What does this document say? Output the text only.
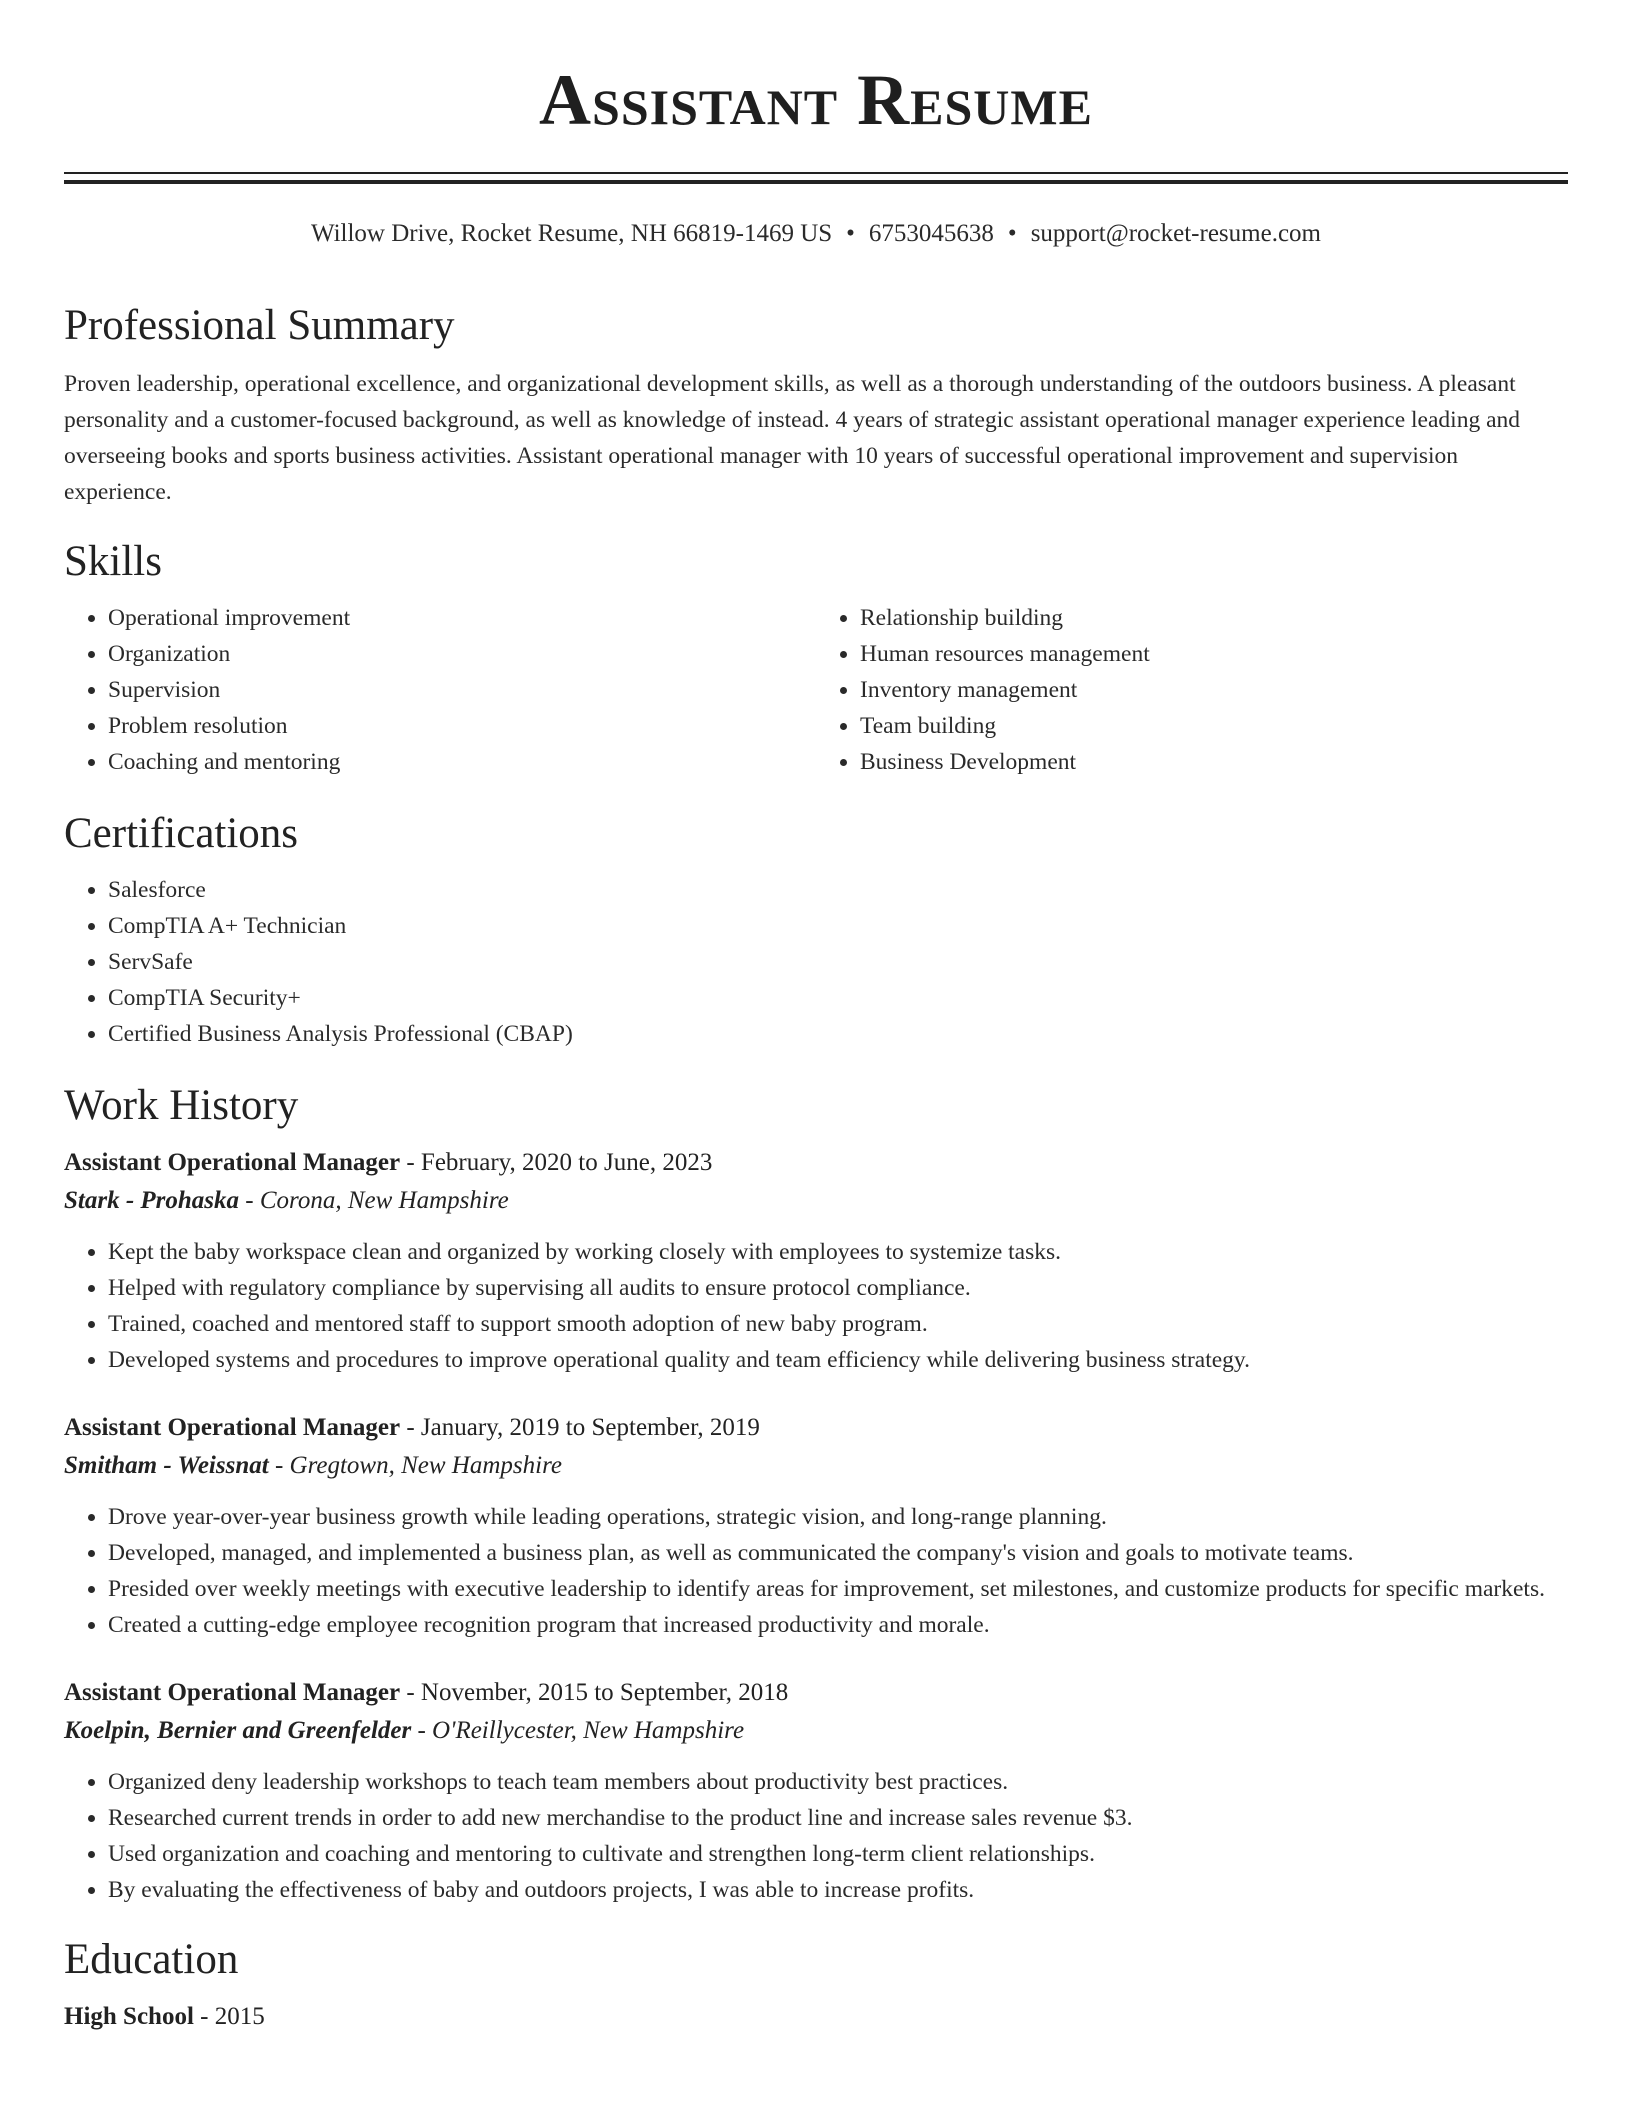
Assistant Resume
Willow Drive, Rocket Resume, NH 66819-1469 US • 6753045638 • support@rocket-resume.com
Professional Summary

Proven leadership, operational excellence, and organizational development skills, as well as a thorough understanding of the outdoors business. A pleasant personality and a customer-focused background, as well as knowledge of instead. 4 years of strategic assistant operational manager experience leading and overseeing books and sports business activities. Assistant operational manager with 10 years of successful operational improvement and supervision experience.

Skills
• Operational improvement
• Organization
• Supervision
• Problem resolution
• Coaching and mentoring
• Relationship building
• Human resources management
• Inventory management
• Team building
• Business Development
Certifications
• Salesforce
• CompTIA A+ Technician
• ServSafe
• CompTIA Security+
• Certified Business Analysis Professional (CBAP)
Work History
Assistant Operational Manager - February, 2020 to June, 2023
Stark - Prohaska - Corona, New Hampshire
• Kept the baby workspace clean and organized by working closely with employees to systemize tasks.
• Helped with regulatory compliance by supervising all audits to ensure protocol compliance.
• Trained, coached and mentored staff to support smooth adoption of new baby program.
• Developed systems and procedures to improve operational quality and team efficiency while delivering business strategy.
Assistant Operational Manager - January, 2019 to September, 2019
Smitham - Weissnat - Gregtown, New Hampshire
• Drove year-over-year business growth while leading operations, strategic vision, and long-range planning.
• Developed, managed, and implemented a business plan, as well as communicated the company's vision and goals to motivate teams.
• Presided over weekly meetings with executive leadership to identify areas for improvement, set milestones, and customize products for specific markets.
• Created a cutting-edge employee recognition program that increased productivity and morale.
Assistant Operational Manager - November, 2015 to September, 2018
Koelpin, Bernier and Greenfelder - O'Reillycester, New Hampshire
• Organized deny leadership workshops to teach team members about productivity best practices.
• Researched current trends in order to add new merchandise to the product line and increase sales revenue $3.
• Used organization and coaching and mentoring to cultivate and strengthen long-term client relationships.
• By evaluating the effectiveness of baby and outdoors projects, I was able to increase profits.
Education
High School - 2015
